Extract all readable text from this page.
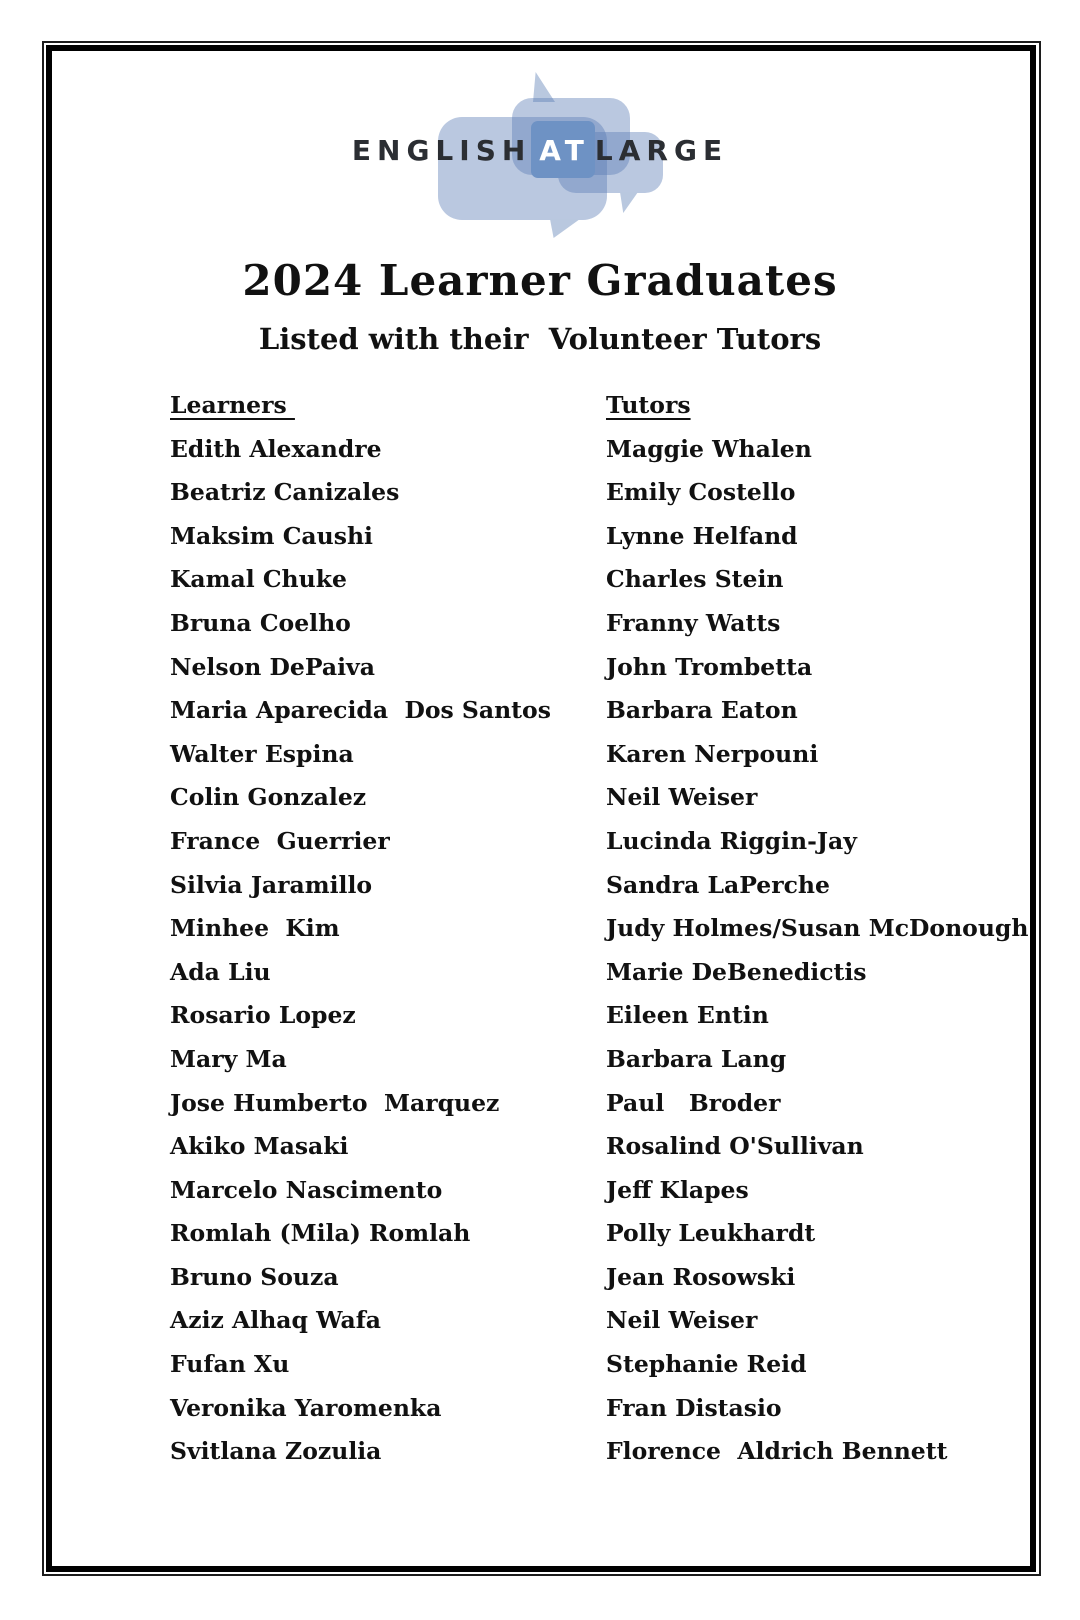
ENGLISH AT LARGE
2024 Learner Graduates
Listed with their  Volunteer Tutors
Learners	Tutors
Edith Alexandre	Maggie Whalen
Beatriz Canizales	Emily Costello
Maksim Caushi	Lynne Helfand
Kamal Chuke	Charles Stein
Bruna Coelho	Franny Watts
Nelson DePaiva	John Trombetta
Maria Aparecida  Dos Santos	Barbara Eaton
Walter Espina	Karen Nerpouni
Colin Gonzalez	Neil Weiser
France  Guerrier	Lucinda Riggin-Jay
Silvia Jaramillo	Sandra LaPerche
Minhee  Kim	Judy Holmes/Susan McDonough
Ada Liu	Marie DeBenedictis
Rosario Lopez	Eileen Entin
Mary Ma	Barbara Lang
Jose Humberto  Marquez	Paul   Broder
Akiko Masaki	Rosalind O'Sullivan
Marcelo Nascimento	Jeff Klapes
Romlah (Mila) Romlah	Polly Leukhardt
Bruno Souza	Jean Rosowski
Aziz Alhaq Wafa	Neil Weiser
Fufan Xu	Stephanie Reid
Veronika Yaromenka	Fran Distasio
Svitlana Zozulia	Florence  Aldrich Bennett
